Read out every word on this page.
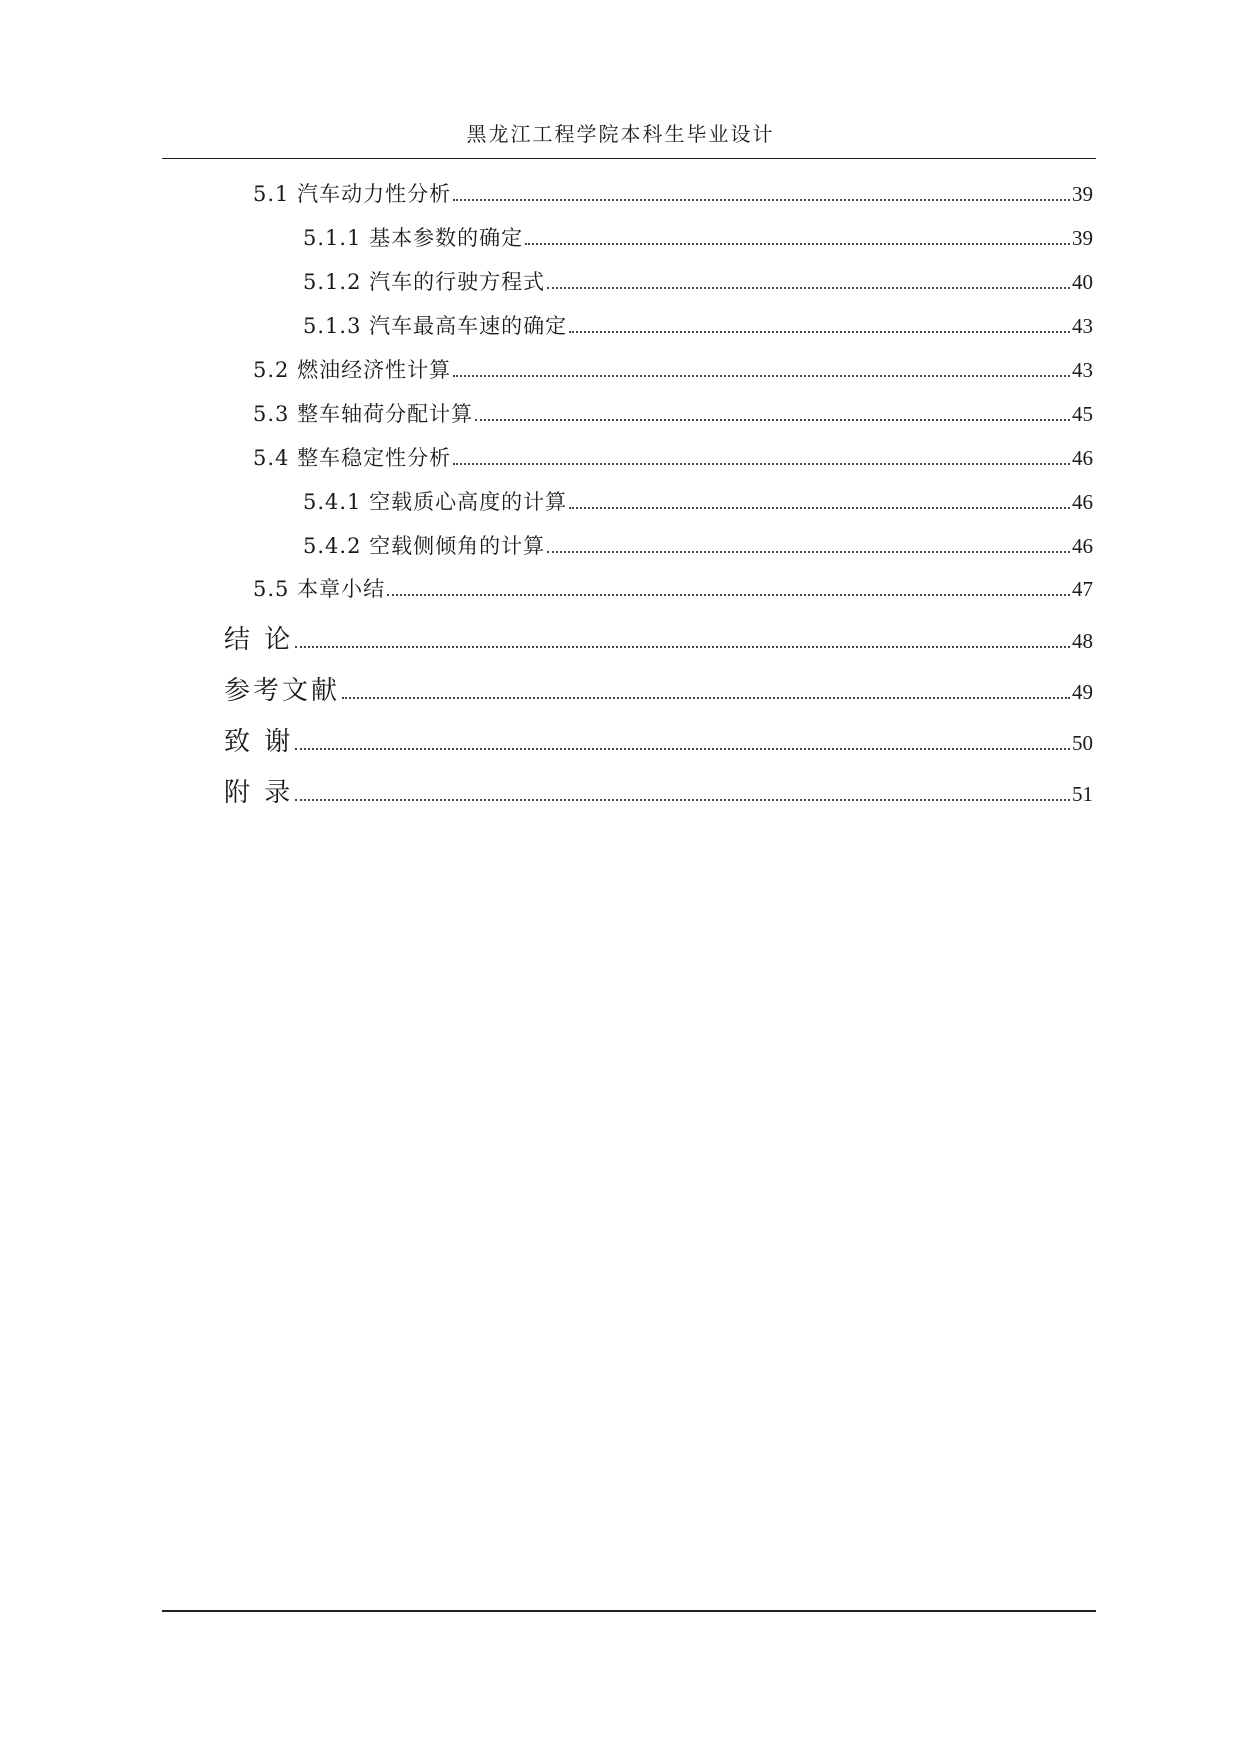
黑龙江工程学院本科生毕业设计
5.1 汽车动力性分析	39
5.1.1 基本参数的确定	39
5.1.2 汽车的行驶方程式	40
5.1.3 汽车最高车速的确定	43
5.2 燃油经济性计算	43
5.3 整车轴荷分配计算	45
5.4 整车稳定性分析	46
5.4.1 空载质心高度的计算	46
5.4.2 空载侧倾角的计算	46
5.5 本章小结	47
结 论	48
参考文献	49
致 谢	50
附 录	51
